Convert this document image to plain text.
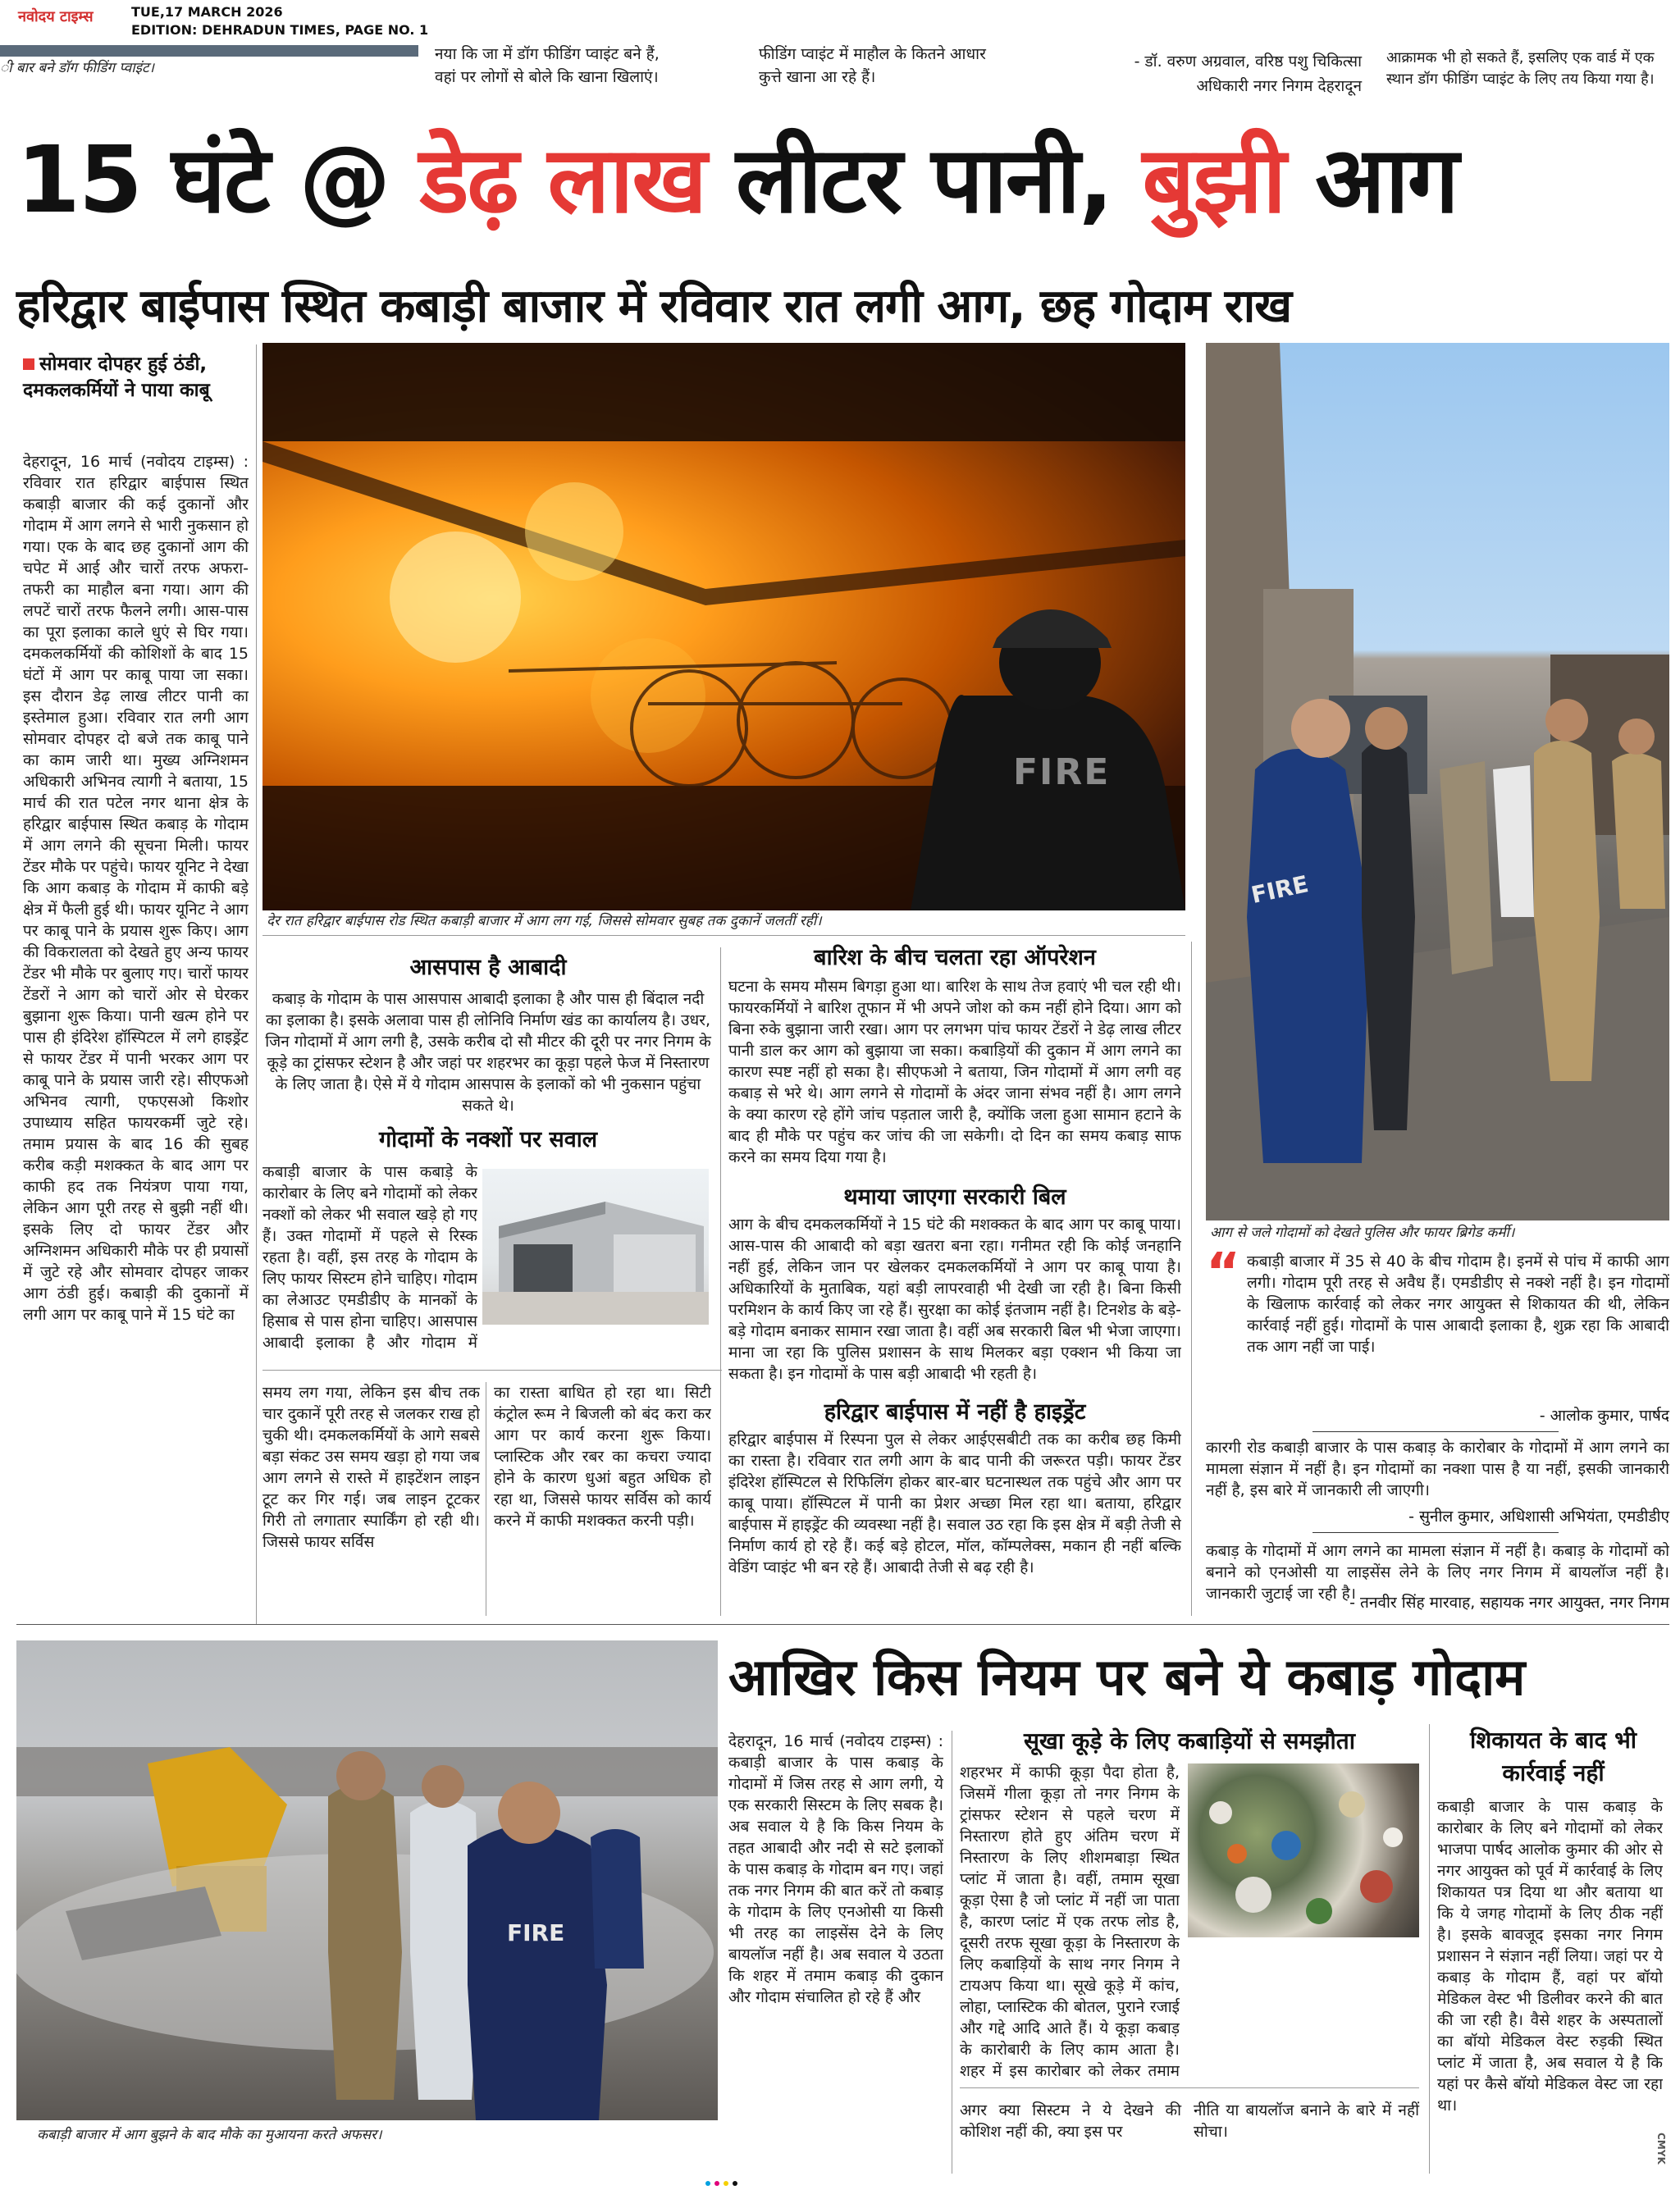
नवोदय टाइम्स	TUE,17 MARCH 2026
EDITION: DEHRADUN TIMES, PAGE NO. 1
ी बार बने डॉग फीडिंग प्वाइंट।
नया कि जा में डॉग फीडिंग प्वाइंट बने हैं,
वहां पर लोगों से बोले कि खाना खिलाएं।
फीडिंग प्वाइंट में माहौल के कितने आधार
कुत्ते खाना आ रहे हैं।
- डॉ. वरुण अग्रवाल, वरिष्ठ पशु चिकित्सा
अधिकारी नगर निगम देहरादून
आक्रामक भी हो सकते हैं, इसलिए एक वार्ड में एक
स्थान डॉग फीडिंग प्वाइंट के लिए तय किया गया है।
15 घंटे @ डेढ़ लाख लीटर पानी, बुझी आग
हरिद्वार बाईपास स्थित कबाड़ी बाजार में रविवार रात लगी आग, छह गोदाम राख
सोमवार दोपहर हुई ठंडी, दमकलकर्मियों ने पाया काबू
देहरादून, 16 मार्च (नवोदय टाइम्स) : रविवार रात हरिद्वार बाईपास स्थित कबाड़ी बाजार की कई दुकानों और गोदाम में आग लगने से भारी नुकसान हो गया। एक के बाद छह दुकानों आग की चपेट में आई और चारों तरफ अफरा-तफरी का माहौल बना गया। आग की लपटें चारों तरफ फैलने लगी। आस-पास का पूरा इलाका काले धुएं से घिर गया। दमकलकर्मियों की कोशिशों के बाद 15 घंटों में आग पर काबू पाया जा सका। इस दौरान डेढ़ लाख लीटर पानी का इस्तेमाल हुआ। रविवार रात लगी आग सोमवार दोपहर दो बजे तक काबू पाने का काम जारी था। मुख्य अग्निशमन अधिकारी अभिनव त्यागी ने बताया, 15 मार्च की रात पटेल नगर थाना क्षेत्र के हरिद्वार बाईपास स्थित कबाड़ के गोदाम में आग लगने की सूचना मिली। फायर टेंडर मौके पर पहुंचे। फायर यूनिट ने देखा कि आग कबाड़ के गोदाम में काफी बड़े क्षेत्र में फैली हुई थी। फायर यूनिट ने आग पर काबू पाने के प्रयास शुरू किए। आग की विकरालता को देखते हुए अन्य फायर टेंडर भी मौके पर बुलाए गए। चारों फायर टेंडरों ने आग को चारों ओर से घेरकर बुझाना शुरू किया। पानी खत्म होने पर पास ही इंदिरेश हॉस्पिटल में लगे हाइड्रेंट से फायर टेंडर में पानी भरकर आग पर काबू पाने के प्रयास जारी रहे। सीएफओ अभिनव त्यागी, एफएसओ किशोर उपाध्याय सहित फायरकर्मी जुटे रहे। तमाम प्रयास के बाद 16 की सुबह करीब कड़ी मशक्कत के बाद आग पर काफी हद तक नियंत्रण पाया गया, लेकिन आग पूरी तरह से बुझी नहीं थी। इसके लिए दो फायर टेंडर और अग्निशमन अधिकारी मौके पर ही प्रयासों में जुटे रहे और सोमवार दोपहर जाकर आग ठंडी हुई। कबाड़ी की दुकानों में लगी आग पर काबू पाने में 15 घंटे का
FIRE
देर रात हरिद्वार बाईपास रोड स्थित कबाड़ी बाजार में आग लग गई, जिससे सोमवार सुबह तक दुकानें जलतीं रहीं।
FIRE
आग से जले गोदामों को देखते पुलिस और फायर ब्रिगेड कर्मी।
आसपास है आबादी
कबाड़ के गोदाम के पास आसपास आबादी इलाका है और पास ही बिंदाल नदी का इलाका है। इसके अलावा पास ही लोनिवि निर्माण खंड का कार्यालय है। उधर, जिन गोदामों में आग लगी है, उसके करीब दो सौ मीटर की दूरी पर नगर निगम के कूड़े का ट्रांसफर स्टेशन है और जहां पर शहरभर का कूड़ा पहले फेज में निस्तारण के लिए जाता है। ऐसे में ये गोदाम आसपास के इलाकों को भी नुकसान पहुंचा सकते थे।
गोदामों के नक्शों पर सवाल
कबाड़ी बाजार के पास कबाड़े के कारोबार के लिए बने गोदामों को लेकर नक्शों को लेकर भी सवाल खड़े हो गए हैं। उक्त गोदामों में पहले से रिस्क रहता है। वहीं, इस तरह के गोदाम के लिए फायर सिस्टम होने चाहिए। गोदाम का लेआउट एमडीडीए के मानकों के हिसाब से पास होना चाहिए। आसपास आबादी इलाका है और गोदाम में
समय लग गया, लेकिन इस बीच तक चार दुकानें पूरी तरह से जलकर राख हो चुकी थी। दमकलकर्मियों के आगे सबसे बड़ा संकट उस समय खड़ा हो गया जब आग लगने से रास्ते में हाइटेंशन लाइन टूट कर गिर गई। जब लाइन टूटकर गिरी तो लगातार स्पार्किंग हो रही थी। जिससे फायर सर्विस
का रास्ता बाधित हो रहा था। सिटी कंट्रोल रूम ने बिजली को बंद करा कर आग पर कार्य करना शुरू किया। प्लास्टिक और रबर का कचरा ज्यादा होने के कारण धुआं बहुत अधिक हो रहा था, जिससे फायर सर्विस को कार्य करने में काफी मशक्कत करनी पड़ी।
बारिश के बीच चलता रहा ऑपरेशन
घटना के समय मौसम बिगड़ा हुआ था। बारिश के साथ तेज हवाएं भी चल रही थी। फायरकर्मियों ने बारिश तूफान में भी अपने जोश को कम नहीं होने दिया। आग को बिना रुके बुझाना जारी रखा। आग पर लगभग पांच फायर टेंडरों ने डेढ़ लाख लीटर पानी डाल कर आग को बुझाया जा सका। कबाड़ियों की दुकान में आग लगने का कारण स्पष्ट नहीं हो सका है। सीएफओ ने बताया, जिन गोदामों में आग लगी वह कबाड़ से भरे थे। आग लगने से गोदामों के अंदर जाना संभव नहीं है। आग लगने के क्या कारण रहे होंगे जांच पड़ताल जारी है, क्योंकि जला हुआ सामान हटाने के बाद ही मौके पर पहुंच कर जांच की जा सकेगी। दो दिन का समय कबाड़ साफ करने का समय दिया गया है।
थमाया जाएगा सरकारी बिल
आग के बीच दमकलकर्मियों ने 15 घंटे की मशक्कत के बाद आग पर काबू पाया। आस-पास की आबादी को बड़ा खतरा बना रहा। गनीमत रही कि कोई जनहानि नहीं हुई, लेकिन जान पर खेलकर दमकलकर्मियों ने आग पर काबू पाया है। अधिकारियों के मुताबिक, यहां बड़ी लापरवाही भी देखी जा रही है। बिना किसी परमिशन के कार्य किए जा रहे हैं। सुरक्षा का कोई इंतजाम नहीं है। टिनशेड के बड़े-बड़े गोदाम बनाकर सामान रखा जाता है। वहीं अब सरकारी बिल भी भेजा जाएगा। माना जा रहा कि पुलिस प्रशासन के साथ मिलकर बड़ा एक्शन भी किया जा सकता है। इन गोदामों के पास बड़ी आबादी भी रहती है।
हरिद्वार बाईपास में नहीं है हाइड्रेंट
हरिद्वार बाईपास में रिस्पना पुल से लेकर आईएसबीटी तक का करीब छह किमी का रास्ता है। रविवार रात लगी आग के बाद पानी की जरूरत पड़ी। फायर टेंडर इंदिरेश हॉस्पिटल से रिफिलिंग होकर बार-बार घटनास्थल तक पहुंचे और आग पर काबू पाया। हॉस्पिटल में पानी का प्रेशर अच्छा मिल रहा था। बताया, हरिद्वार बाईपास में हाइड्रेंट की व्यवस्था नहीं है। सवाल उठ रहा कि इस क्षेत्र में बड़ी तेजी से निर्माण कार्य हो रहे हैं। कई बड़े होटल, मॉल, कॉम्पलेक्स, मकान ही नहीं बल्कि वेडिंग प्वाइंट भी बन रहे हैं। आबादी तेजी से बढ़ रही है।
“ कबाड़ी बाजार में 35 से 40 के बीच गोदाम है। इनमें से पांच में काफी आग लगी। गोदाम पूरी तरह से अवैध हैं। एमडीडीए से नक्शे नहीं है। इन गोदामों के खिलाफ कार्रवाई को लेकर नगर आयुक्त से शिकायत की थी, लेकिन कार्रवाई नहीं हुई। गोदामों के पास आबादी इलाका है, शुक्र रहा कि आबादी तक आग नहीं जा पाई।
- आलोक कुमार, पार्षद
कारगी रोड कबाड़ी बाजार के पास कबाड़ के कारोबार के गोदामों में आग लगने का मामला संज्ञान में नहीं है। इन गोदामों का नक्शा पास है या नहीं, इसकी जानकारी नहीं है, इस बारे में जानकारी ली जाएगी।
- सुनील कुमार, अधिशासी अभियंता, एमडीडीए
कबाड़ के गोदामों में आग लगने का मामला संज्ञान में नहीं है। कबाड़ के गोदामों को बनाने को एनओसी या लाइसेंस लेने के लिए नगर निगम में बायलॉज नहीं है। जानकारी जुटाई जा रही है।
- तनवीर सिंह मारवाह, सहायक नगर आयुक्त, नगर निगम
FIRE
कबाड़ी बाजार में आग बुझने के बाद मौके का मुआयना करते अफसर।
आखिर किस नियम पर बने ये कबाड़ गोदाम
देहरादून, 16 मार्च (नवोदय टाइम्स) : कबाड़ी बाजार के पास कबाड़ के गोदामों में जिस तरह से आग लगी, ये एक सरकारी सिस्टम के लिए सबक है। अब सवाल ये है कि किस नियम के तहत आबादी और नदी से सटे इलाकों के पास कबाड़ के गोदाम बन गए। जहां तक नगर निगम की बात करें तो कबाड़ के गोदाम के लिए एनओसी या किसी भी तरह का लाइसेंस देने के लिए बायलॉज नहीं है। अब सवाल ये उठता कि शहर में तमाम कबाड़ की दुकान और गोदाम संचालित हो रहे हैं और
सूखा कूड़े के लिए कबाड़ियों से समझौता
शहरभर में काफी कूड़ा पैदा होता है, जिसमें गीला कूड़ा तो नगर निगम के ट्रांसफर स्टेशन से पहले चरण में निस्तारण होते हुए अंतिम चरण में निस्तारण के लिए शीशमबाड़ा स्थित प्लांट में जाता है। वहीं, तमाम सूखा कूड़ा ऐसा है जो प्लांट में नहीं जा पाता है, कारण प्लांट में एक तरफ लोड है, दूसरी तरफ सूखा कूड़ा के निस्तारण के लिए कबाड़ियों के साथ नगर निगम ने टायअप किया था। सूखे कूड़े में कांच, लोहा, प्लास्टिक की बोतल, पुराने रजाई और गद्दे आदि आते हैं। ये कूड़ा कबाड़ के कारोबारी के लिए काम आता है। शहर में इस कारोबार को लेकर तमाम
अगर क्या सिस्टम ने ये देखने की कोशिश नहीं की, क्या इस पर
नीति या बायलॉज बनाने के बारे में नहीं सोचा।
शिकायत के बाद भी कार्रवाई नहीं
कबाड़ी बाजार के पास कबाड़ के कारोबार के लिए बने गोदामों को लेकर भाजपा पार्षद आलोक कुमार की ओर से नगर आयुक्त को पूर्व में कार्रवाई के लिए शिकायत पत्र दिया था और बताया था कि ये जगह गोदामों के लिए ठीक नहीं है। इसके बावजूद इसका नगर निगम प्रशासन ने संज्ञान नहीं लिया। जहां पर ये कबाड़ के गोदाम हैं, वहां पर बॉयो मेडिकल वेस्ट भी डिलीवर करने की बात की जा रही है। वैसे शहर के अस्पतालों का बॉयो मेडिकल वेस्ट रुड़की स्थित प्लांट में जाता है, अब सवाल ये है कि यहां पर कैसे बॉयो मेडिकल वेस्ट जा रहा था।
CMYK
